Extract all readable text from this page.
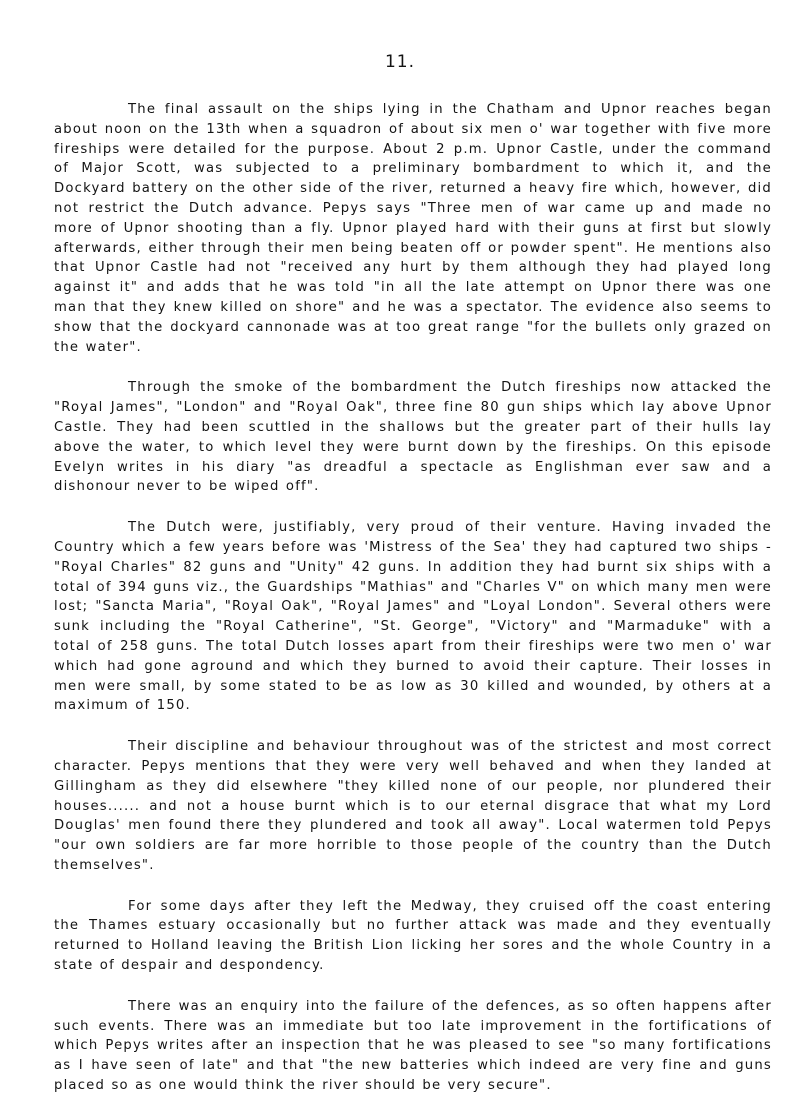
11.

The final assault on the ships lying in the Chatham and Upnor reaches began about noon on the 13th when a squadron of about six men o' war together with five more fireships were detailed for the purpose. About 2 p.m. Upnor Castle, under the command of Major Scott, was subjected to a preliminary bombardment to which it, and the Dockyard battery on the other side of the river, returned a heavy fire which, however, did not restrict the Dutch advance. Pepys says "Three men of war came up and made no more of Upnor shooting than a fly. Upnor played hard with their guns at first but slowly afterwards, either through their men being beaten off or powder spent". He mentions also that Upnor Castle had not "received any hurt by them although they had played long against it" and adds that he was told "in all the late attempt on Upnor there was one man that they knew killed on shore" and he was a spectator. The evidence also seems to show that the dockyard cannonade was at too great range "for the bullets only grazed on the water".

Through the smoke of the bombardment the Dutch fireships now attacked the "Royal James", "London" and "Royal Oak", three fine 80 gun ships which lay above Upnor Castle. They had been scuttled in the shallows but the greater part of their hulls lay above the water, to which level they were burnt down by the fireships. On this episode Evelyn writes in his diary "as dreadful a spectacle as Englishman ever saw and a dishonour never to be wiped off".

The Dutch were, justifiably, very proud of their venture. Having invaded the Country which a few years before was 'Mistress of the Sea' they had captured two ships - "Royal Charles" 82 guns and "Unity" 42 guns. In addition they had burnt six ships with a total of 394 guns viz., the Guardships "Mathias" and "Charles V" on which many men were lost; "Sancta Maria", "Royal Oak", "Royal James" and "Loyal London". Several others were sunk including the "Royal Catherine", "St. George", "Victory" and "Marmaduke" with a total of 258 guns. The total Dutch losses apart from their fireships were two men o' war which had gone aground and which they burned to avoid their capture. Their losses in men were small, by some stated to be as low as 30 killed and wounded, by others at a maximum of 150.

Their discipline and behaviour throughout was of the strictest and most correct character. Pepys mentions that they were very well behaved and when they landed at Gillingham as they did elsewhere "they killed none of our people, nor plundered their houses...... and not a house burnt which is to our eternal disgrace that what my Lord Douglas' men found there they plundered and took all away". Local watermen told Pepys "our own soldiers are far more horrible to those people of the country than the Dutch themselves".

For some days after they left the Medway, they cruised off the coast entering the Thames estuary occasionally but no further attack was made and they eventually returned to Holland leaving the British Lion licking her sores and the whole Country in a state of despair and despondency.

There was an enquiry into the failure of the defences, as so often happens after such events. There was an immediate but too late improvement in the fortifications of which Pepys writes after an inspection that he was pleased to see "so many fortifications as I have seen of late" and that "the new batteries which indeed are very fine and guns placed so as one would think the river should be very secure".
